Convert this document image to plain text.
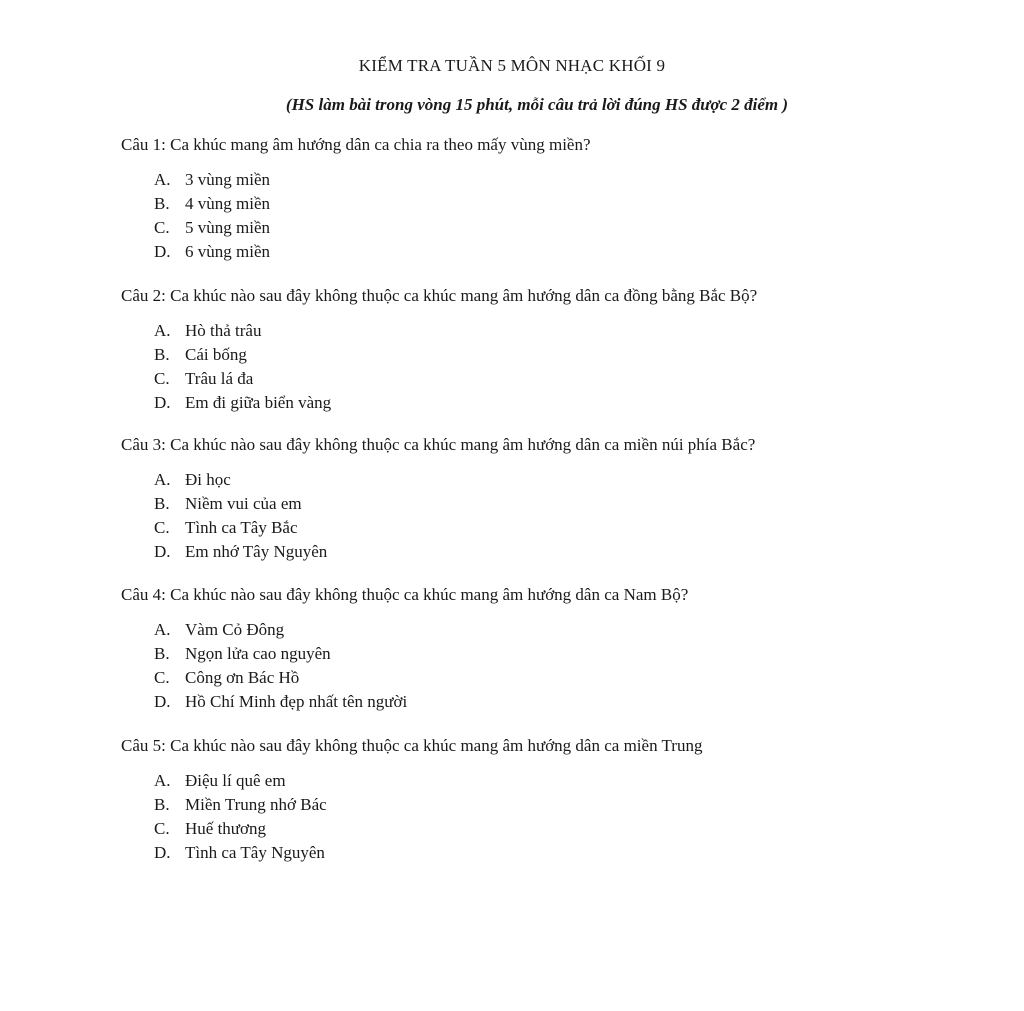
KIỂM TRA TUẦN 5 MÔN NHẠC KHỐI 9
(HS làm bài trong vòng 15 phút, mỗi câu trả lời đúng HS được 2 điểm )
Câu 1: Ca khúc mang âm hướng dân ca chia ra theo mấy vùng miền?
A. 3 vùng miền
B. 4 vùng miền
C. 5 vùng miền
D. 6 vùng miền
Câu 2: Ca khúc nào sau đây không thuộc ca khúc mang âm hướng dân ca đồng bằng Bắc Bộ?
A. Hò thả trâu
B. Cái bống
C. Trâu lá đa
D. Em đi giữa biển vàng
Câu 3: Ca khúc nào sau đây không thuộc ca khúc mang âm hướng dân ca miền núi phía Bắc?
A. Đi học
B. Niềm vui của em
C. Tình ca Tây Bắc
D. Em nhớ Tây Nguyên
Câu 4: Ca khúc nào sau đây không thuộc ca khúc mang âm hướng dân ca Nam Bộ?
A. Vàm Cỏ Đông
B. Ngọn lửa cao nguyên
C. Công ơn Bác Hồ
D. Hồ Chí Minh đẹp nhất tên người
Câu 5: Ca khúc nào sau đây không thuộc ca khúc mang âm hướng dân ca miền Trung
A. Điệu lí quê em
B. Miền Trung nhớ Bác
C. Huế thương
D. Tình ca Tây Nguyên
